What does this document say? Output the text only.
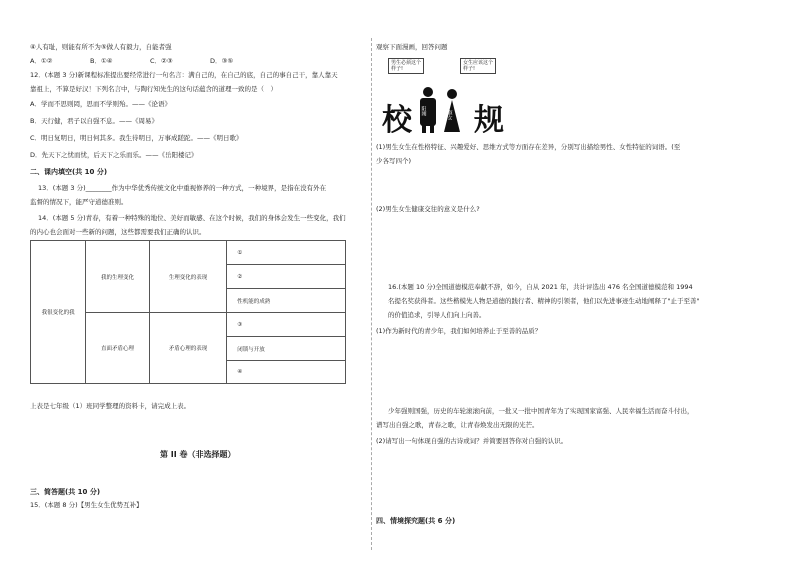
④人有耻，则能有所不为⑤做人有毅力，自能者强
A．①②	B．①④	C．②③	D．③⑤
12．(本题 3 分)新课程标准提出要经常进行一句名言：满自己的，在自己的底，自己的事自己干，靠人靠天
靠祖上，不算是好汉！下列名言中，与陶行知先生的这句话蕴含的道理一致的是（　）
A．学而不思则罔，思而不学则殆。——《论语》
B．天行健，君子以自强不息。——《周易》
C．明日复明日，明日何其多。我生待明日，万事成蹉跎。——《明日歌》
D．先天下之忧而忧，后天下之乐而乐。——《岳阳楼记》
二、课内填空(共 10 分)
13．(本题 3 分)________作为中华优秀传统文化中重视修养的一种方式，一种境界，是指在没有外在
监督的情况下，能严守道德准则。
14．(本题 5 分)青春，有着一种特殊的地位、美好而敏感、在这个时候，我们的身体会发生一些变化，我们
的内心也会面对一些新的问题，这些都需要我们正确的认识。
我很变化的我	我的生理变化	生理变化的表现	①
			②
			性机能的成熟
	直面矛盾心理	矛盾心理的表现	③
			闭锁与开放
			④
上表是七年级（1）班同学整理的资料卡，请完成上表。
第 II 卷（非选择题）
三、简答题(共 10 分)
15．(本题 8 分)【男生女生优势互补】
观察下面漫画，回答问题
校 阳刚	淑女 规
男生必须这个样子!
女生应该这个样子!
(1)男生女生在性格特征、兴趣爱好、思维方式等方面存在差异，分别写出描绘男性、女性特征的词语。(至
少各写四个)
(2)男生女生健康交往的意义是什么?
16.(本题 10 分)全国道德模范奉献不辞，如今，自从 2021 年，共计评选出 476 名全国道德模范和 1994
名提名奖获得者。这些楷模先人物是道德的践行者、精神的引领者，他们以先进事迹生动地阐释了"止于至善"
的价值追求，引导人们向上向善。
(1)作为新时代的青少年，我们如何培养止于至善的品质？
少年强则国强，历史的车轮滚滚向前，一批又一批中国青年为了实现国家富强、人民幸福生活而奋斗付出，
谱写出自强之歌，青春之歌，让青春焕发出无限的光芒。
(2)请写出一句体现自强的古诗或词？并简要回答你对自强的认识。
四、情境探究题(共 6 分)
